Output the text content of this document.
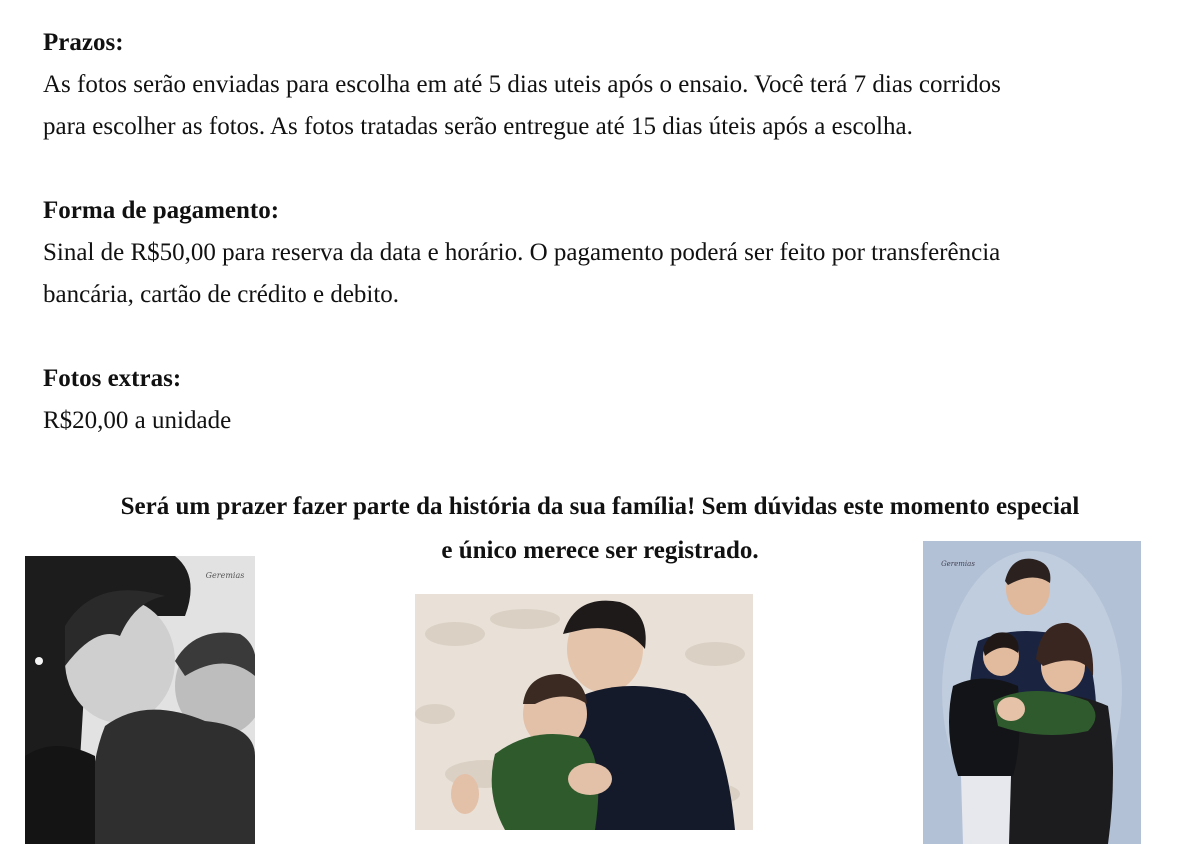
Prazos:

As fotos serão enviadas para escolha em até 5 dias uteis após o ensaio. Você terá 7 dias corridos

para escolher as fotos. As fotos tratadas serão entregue até 15 dias úteis após a escolha.

Forma de pagamento:

Sinal de R$50,00 para reserva da data e horário. O pagamento poderá ser feito por transferência

bancária, cartão de crédito e debito.

Fotos extras:

R$20,00 a unidade

Será um prazer fazer parte da história da sua família! Sem dúvidas este momento especial
e único merece ser registrado.

Geremias
Geremias
